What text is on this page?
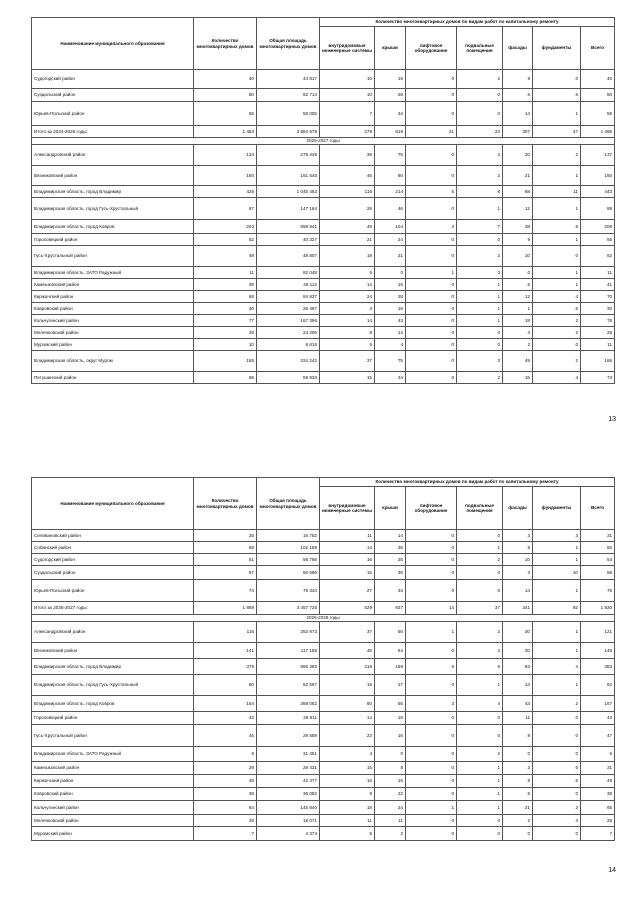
Наименование муниципального образования	Количество многоквартирных домов	Общая площадь многоквартирных домов	Количество многоквартирных домов по видам работ по капитальному ремонту						
			внутридомовые инженерные системы	крыши	лифтовое оборудование	подвальные помещения	фасады	фундаменты	Всего
Судогодский район	40	44 817	10	19	0	2	9	0	40
Суздальский район	50	62 714	10	28	0	0	6	6	50
Юрьев-Польский район	55	58 005	7	34	0	0	14	1	56
Итого за 2024-2026 годы:	1 483	3 884 578	279	819	21	23	307	47	1 496
2025-2027 годы									
Александровский район	134	278 436	38	75	0	2	20	2	137
Вязниковский район	150	161 545	46	80	0	2	21	1	150
Владимирская область, город Владимир	425	1 045 463	115	214	6	8	88	11	443
Владимирская область, город Гусь-Хрустальный	67	147 164	28	46	0	1	12	1	88
Владимирская область, город Ковров	203	558 841	49	104	4	7	38	6	208
Гороховецкий район	52	40 327	21	24	0	0	9	1	55
Гусь-Хрустальный район	49	48 807	19	21	0	2	10	0	52
Владимирская область, ЗАТО Радужный	11	82 048	5	0	1	3	0	1	11
Камешковский район	39	45 112	14	15	0	1	6	1	41
Киржачский район	68	84 837	24	28	0	1	12	4	70
Ковровский район	30	28 457	4	18	0	1	1	6	30
Кольчугинский район	77	167 396	14	43	0	1	18	2	78
Меленковский район	28	24 206	8	14	0	0	4	2	28
Муромский район	10	8 616	5	4	0	0	2	0	11
Владимирская область, округ Муром	165	334 242	37	75	0	3	49	2	166
Петушинский район	69	59 933	15	34	0	2	15	4	73
13
Наименование муниципального образования	Количество многоквартирных домов	Общая площадь многоквартирных домов	Количество многоквартирных домов по видам работ по капитальному ремонту						
			внутридомовые инженерные системы	крыши	лифтовое оборудование	подвальные помещения	фасады	фундаменты	Всего
Селивановский район	25	16 752	11	14	0	0	3	3	31
Собинский район	59	102 189	14	36	0	1	8	1	60
Судогодский район	51	56 768	16	25	0	2	10	1	54
Суздальский район	57	60 596	15	35	0	0	3	10	58
Юрьев-Польский район	74	79 344	27	34	0	0	14	1	76
Итого за 2025-2027 годы:	1 869	3 457 725	529	937	14	37	341	92	1 920
2026-2028 годы									
Александровский район	116	252 973	37	50	1	2	30	1	121
Вязниковский район	141	117 165	48	64	0	2	30	1	145
Владимирская область, город Владимир	376	955 392	118	189	6	5	83	4	383
Владимирская область, город Гусь-Хрустальный	60	62 557	19	27	0	1	14	1	62
Владимирская область, город Ковров	164	368 082	60	55	3	4	43	2	167
Гороховецкий район	42	28 511	14	18	0	0	11	0	43
Гусь-Хрустальный район	45	29 559	23	16	0	0	8	0	47
Владимирская область, ЗАТО Радужный	6	31 451	4	0	0	2	0	0	6
Камешковский район	29	29 431	15	8	0	1	3	6	31
Киржачский район	48	42 477	16	15	0	1	8	6	49
Ковровский район	38	36 082	9	22	0	1	6	0	38
Кольчугинский район	64	145 840	18	24	1	1	21	2	65
Меленковский район	28	18 071	11	11	0	0	2	4	28
Муромский район	7	4 374	5	2	0	0	0	0	7
14
